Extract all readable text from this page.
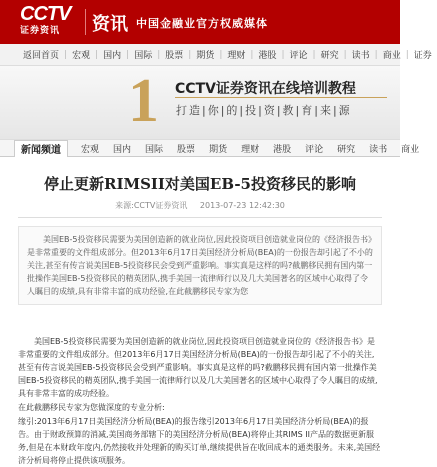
CCTV
证券资讯	资讯 中国金融业官方权威媒体
返回首页 | 宏观 | 国内 | 国际 | 股票 | 期货 | 理财 | 港股 | 评论 | 研究 | 读书 | 商业 | 证券
1 CCTV证券资讯在线培训教程
打造|你|的|投|资|教|育|来|源
新闻频道	宏观	国内	国际	股票	期货	理财	港股	评论	研究	读书	商业
停止更新RIMSII对美国EB-5投资移民的影响
来源:CCTV证券资讯 2013-07-23 12:42:30
美国EB-5投资移民需要为美国创造新的就业岗位,因此投资项目创造就业岗位的《经济报告书》是非常重要的文件组成部分。但2013年6月17日美国经济分析局(BEA)的一份报告却引起了不小的关注,甚至有传言说美国EB-5投资移民会受到严重影响。事实真是这样的吗?截鹏移民拥有国内第一批操作美国EB-5投资移民的精英团队,携手美国一流律师行以及几大美国著名的区域中心取得了令人瞩目的成绩,具有非常丰富的成功经验,在此截鹏移民专家为您

美国EB-5投资移民需要为美国创造新的就业岗位,因此投资项目创造就业岗位的《经济报告书》是非常重要的文件组成部分。但2013年6月17日美国经济分析局(BEA)的一份报告却引起了不小的关注,甚至有传言说美国EB-5投资移民会受到严重影响。事实真是这样的吗?截鹏移民拥有国内第一批操作美国EB-5投资移民的精英团队,携手美国一流律师行以及几大美国著名的区域中心取得了令人瞩目的成绩,具有非常丰富的成功经验。

在此截鹏移民专家为您做深度的专业分析:

缘引:2013年6月17日美国经济分析局(BEA)的报告缘引2013年6月17日美国经济分析局(BEA)的报告。由于财政预算的消减,美国商务部辖下的美国经济分析局(BEA)将停止其RIMS II产品的数据更新服务,但是在本财政年度内,仍然接收并处理新的购买订单,继续提供旨在收回成本的通类服务。未来,美国经济分析局将停止提供该项服务。
